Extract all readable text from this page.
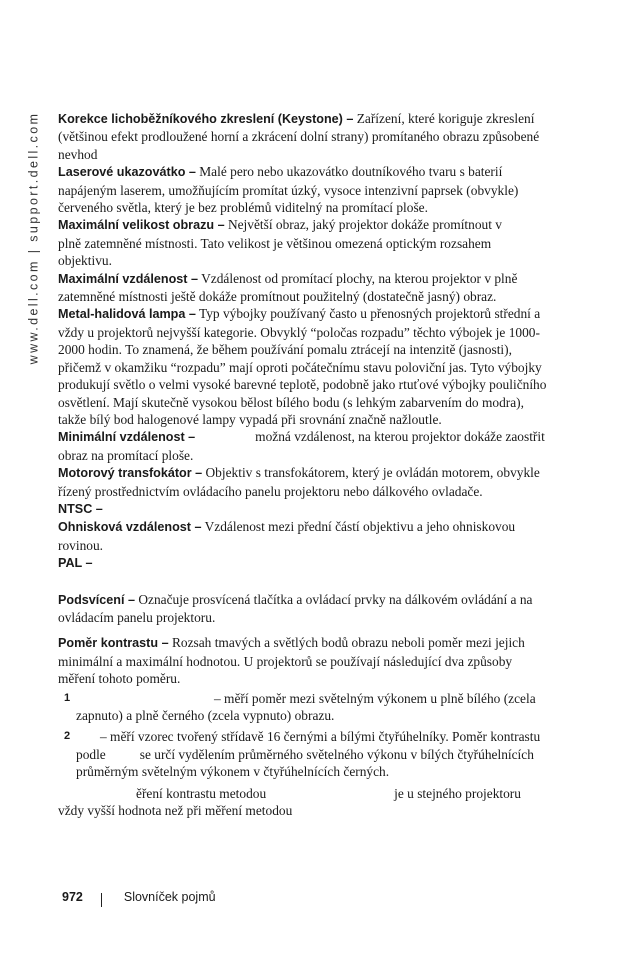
www.dell.com | support.dell.com Korekce lichoběžníkového zkreslení (Keystone) – Zařízení, které koriguje zkreslení (většinou efekt prodloužené horní a zkrácení dolní strany) promítaného obrazu způsobené nevhod

Laserové ukazovátko – Malé pero nebo ukazovátko doutníkového tvaru s baterií napájeným laserem, umožňujícím promítat úzký, vysoce intenzivní paprsek (obvykle) červeného světla, který je bez problémů viditelný na promítací ploše.

Maximální velikost obrazu – Největší obraz, jaký projektor dokáže promítnout v plně zatemněné místnosti. Tato velikost je většinou omezená optickým rozsahem objektivu.

Maximální vzdálenost – Vzdálenost od promítací plochy, na kterou projektor v plně zatemněné místnosti ještě dokáže promítnout použitelný (dostatečně jasný) obraz.

Metal-halidová lampa – Typ výbojky používaný často u přenosných projektorů střední a vždy u projektorů nejvyšší kategorie. Obvyklý “poločas rozpadu” těchto výbojek je 1000-2000 hodin. To znamená, že během používání pomalu ztrácejí na intenzitě (jasnosti), přičemž v okamžiku “rozpadu” mají oproti počátečnímu stavu poloviční jas. Tyto výbojky produkují světlo o velmi vysoké barevné teplotě, podobně jako rtuťové výbojky pouličního osvětlení. Mají skutečně vysokou bělost bílého bodu (s lehkým zabarvením do modra), takže bílý bod halogenové lampy vypadá při srovnání značně nažloutle.

Minimální vzdálenost –	možná vzdálenost, na kterou projektor dokáže zaostřit obraz na promítací ploše.

Motorový transfokátor – Objektiv s transfokátorem, který je ovládán motorem, obvykle řízený prostřednictvím ovládacího panelu projektoru nebo dálkového ovladače.

NTSC –

Ohnisková vzdálenost – Vzdálenost mezi přední částí objektivu a jeho ohniskovou rovinou.

PAL –

Podsvícení – Označuje prosvícená tlačítka a ovládací prvky na dálkovém ovládání a na ovládacím panelu projektoru.

Poměr kontrastu – Rozsah tmavých a světlých bodů obrazu neboli poměr mezi jejich minimální a maximální hodnotou. U projektorů se používají následující dva způsoby měření tohoto poměru.

1	– měří poměr mezi světelným výkonem u plně bílého (zcela zapnuto) a plně černého (zcela vypnuto) obrazu.
2 – měří vzorec tvořený střídavě 16 černými a bílými čtyřúhelníky. Poměr kontrastu podle	se určí vydělením průměrného světelného výkonu v bílých čtyřúhelnících průměrným světelným výkonem v čtyřúhelnících černých.

ěření kontrastu metodou	je u stejného projektoru vždy vyšší hodnota než při měření metodou

972	Slovníček pojmů
